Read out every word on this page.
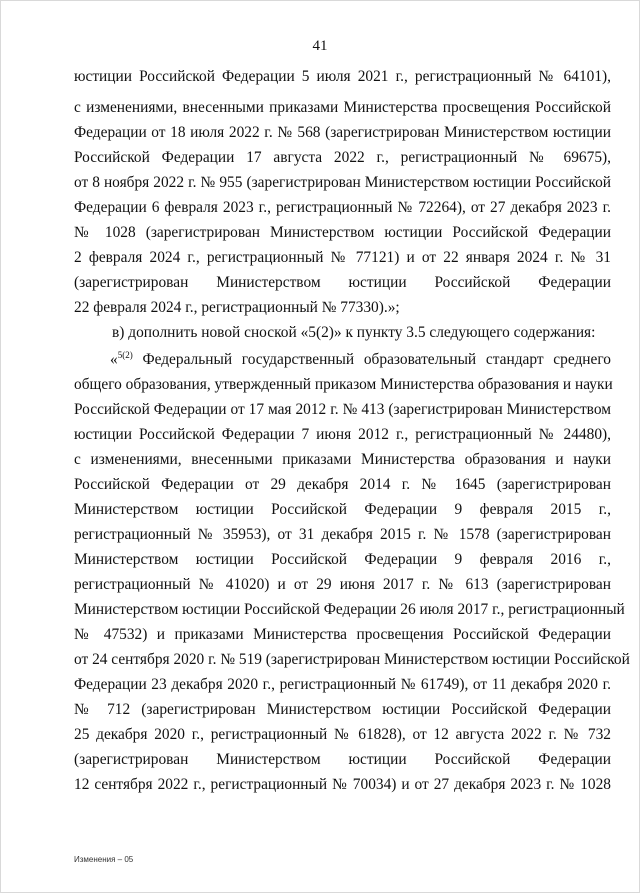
41
юстиции Российской Федерации 5 июля 2021 г., регистрационный № 64101),
с изменениями, внесенными приказами Министерства просвещения Российской
Федерации от 18 июля 2022 г. № 568 (зарегистрирован Министерством юстиции
Российской Федерации 17 августа 2022 г., регистрационный № 69675),
от 8 ноября 2022 г. № 955 (зарегистрирован Министерством юстиции Российской
Федерации 6 февраля 2023 г., регистрационный № 72264), от 27 декабря 2023 г.
№ 1028 (зарегистрирован Министерством юстиции Российской Федерации
2 февраля 2024 г., регистрационный № 77121) и от 22 января 2024 г. № 31
(зарегистрирован Министерством юстиции Российской Федерации
22 февраля 2024 г., регистрационный № 77330).»;
в) дополнить новой сноской «5(2)» к пункту 3.5 следующего содержания:
«$^{5(2)}$ Федеральный государственный образовательный стандарт среднего
общего образования, утвержденный приказом Министерства образования и науки
Российской Федерации от 17 мая 2012 г. № 413 (зарегистрирован Министерством
юстиции Российской Федерации 7 июня 2012 г., регистрационный № 24480),
с изменениями, внесенными приказами Министерства образования и науки
Российской Федерации от 29 декабря 2014 г. № 1645 (зарегистрирован
Министерством юстиции Российской Федерации 9 февраля 2015 г.,
регистрационный № 35953), от 31 декабря 2015 г. № 1578 (зарегистрирован
Министерством юстиции Российской Федерации 9 февраля 2016 г.,
регистрационный № 41020) и от 29 июня 2017 г. № 613 (зарегистрирован
Министерством юстиции Российской Федерации 26 июля 2017 г., регистрационный
№ 47532) и приказами Министерства просвещения Российской Федерации
от 24 сентября 2020 г. № 519 (зарегистрирован Министерством юстиции Российской
Федерации 23 декабря 2020 г., регистрационный № 61749), от 11 декабря 2020 г.
№ 712 (зарегистрирован Министерством юстиции Российской Федерации
25 декабря 2020 г., регистрационный № 61828), от 12 августа 2022 г. № 732
(зарегистрирован Министерством юстиции Российской Федерации
12 сентября 2022 г., регистрационный № 70034) и от 27 декабря 2023 г. № 1028
Изменения – 05
